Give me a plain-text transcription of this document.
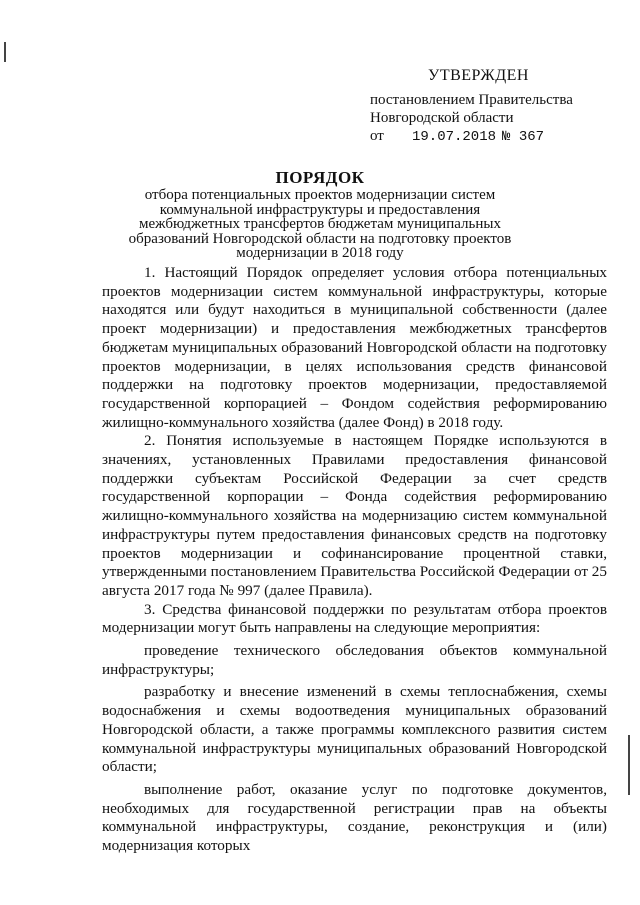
УТВЕРЖДЕН
постановлением Правительства
Новгородской области
от 19.07.2018 № 367
ПОРЯДОК
отбора потенциальных проектов модернизации систем коммунальной инфраструктуры и предоставления межбюджетных трансфертов бюджетам муниципальных образований Новгородской области на подготовку проектов модернизации в 2018 году

1. Настоящий Порядок определяет условия отбора потенциальных проектов модернизации систем коммунальной инфраструктуры, которые находятся или будут находиться в муниципальной собственности (далее проект модернизации) и предоставления межбюджетных трансфертов бюджетам муниципальных образований Новгородской области на подготовку проектов модернизации, в целях использования средств финансовой поддержки на подготовку проектов модернизации, предоставляемой государственной корпорацией – Фондом содействия реформированию жилищно-коммунального хозяйства (далее Фонд) в 2018 году.

2. Понятия используемые в настоящем Порядке используются в значениях, установленных Правилами предоставления финансовой поддержки субъектам Российской Федерации за счет средств государственной корпорации – Фонда содействия реформированию жилищно-коммунального хозяйства на модернизацию систем коммунальной инфраструктуры путем предоставления финансовых средств на подготовку проектов модернизации и софинансирование процентной ставки, утвержденными постановлением Правительства Российской Федерации от 25 августа 2017 года № 997 (далее Правила).

3. Средства финансовой поддержки по результатам отбора проектов модернизации могут быть направлены на следующие мероприятия:

проведение технического обследования объектов коммунальной инфраструктуры;

разработку и внесение изменений в схемы теплоснабжения, схемы водоснабжения и схемы водоотведения муниципальных образований Новгородской области, а также программы комплексного развития систем коммунальной инфраструктуры муниципальных образований Новгородской области;

выполнение работ, оказание услуг по подготовке документов, необходимых для государственной регистрации прав на объекты коммунальной инфраструктуры, создание, реконструкция и (или) модернизация которых
